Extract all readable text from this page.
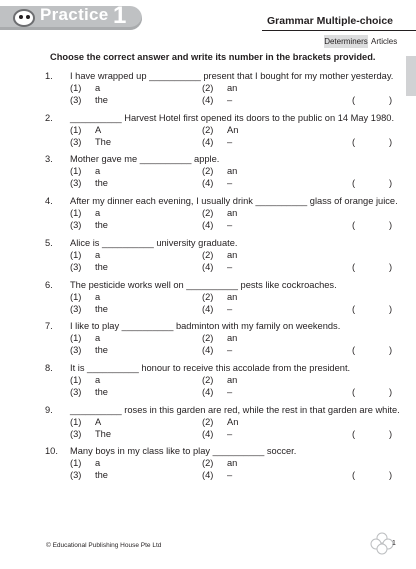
Practice 1	Grammar Multiple-choice
Determiners Articles
Choose the correct answer and write its number in the brackets provided.
1.	I have wrapped up __________ present that I bought for my mother yesterday.
(1) a	(2) an
(3) the	(4) –	(	)
2.	__________ Harvest Hotel first opened its doors to the public on 14 May 1980.
(1) A	(2) An
(3) The	(4) –	(	)
3.	Mother gave me __________ apple.
(1) a	(2) an
(3) the	(4) –	(	)
4.	After my dinner each evening, I usually drink __________ glass of orange juice.
(1) a	(2) an
(3) the	(4) –	(	)
5.	Alice is __________ university graduate.
(1) a	(2) an
(3) the	(4) –	(	)
6.	The pesticide works well on __________ pests like cockroaches.
(1) a	(2) an
(3) the	(4) –	(	)
7.	I like to play __________ badminton with my family on weekends.
(1) a	(2) an
(3) the	(4) –	(	)
8.	It is __________ honour to receive this accolade from the president.
(1) a	(2) an
(3) the	(4) –	(	)
9.	__________ roses in this garden are red, while the rest in that garden are white.
(1) A	(2) An
(3) The	(4) –	(	)
10.	Many boys in my class like to play __________ soccer.
(1) a	(2) an
(3) the	(4) –	(	)
© Educational Publishing House Pte Ltd	1
